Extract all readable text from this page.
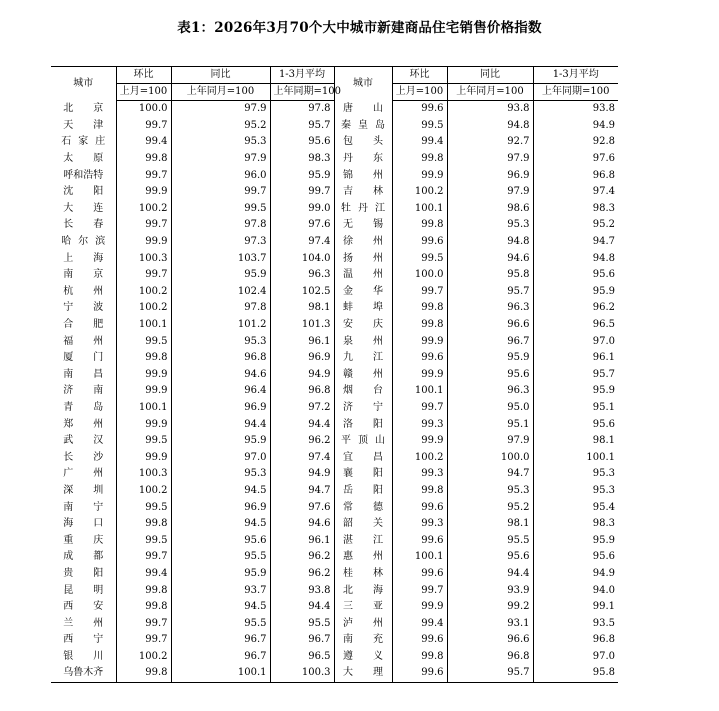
表1：2026年3月70个大中城市新建商品住宅销售价格指数
城市	环比	同比	1-3月平均	城市	环比	同比	1-3月平均
	上月=100	上年同月=100	上年同期=100		上月=100	上年同月=100	上年同期=100
北京	100.0	97.9	97.8	唐山	99.6	93.8	93.8
天津	99.7	95.2	95.7	秦皇岛	99.5	94.8	94.9
石家庄	99.4	95.3	95.6	包头	99.4	92.7	92.8
太原	99.8	97.9	98.3	丹东	99.8	97.9	97.6
呼和浩特	99.7	96.0	95.9	锦州	99.9	96.9	96.8
沈阳	99.9	99.7	99.7	吉林	100.2	97.9	97.4
大连	100.2	99.5	99.0	牡丹江	100.1	98.6	98.3
长春	99.7	97.8	97.6	无锡	99.8	95.3	95.2
哈尔滨	99.9	97.3	97.4	徐州	99.6	94.8	94.7
上海	100.3	103.7	104.0	扬州	99.5	94.6	94.8
南京	99.7	95.9	96.3	温州	100.0	95.8	95.6
杭州	100.2	102.4	102.5	金华	99.7	95.7	95.9
宁波	100.2	97.8	98.1	蚌埠	99.8	96.3	96.2
合肥	100.1	101.2	101.3	安庆	99.8	96.6	96.5
福州	99.5	95.3	96.1	泉州	99.9	96.7	97.0
厦门	99.8	96.8	96.9	九江	99.6	95.9	96.1
南昌	99.9	94.6	94.9	赣州	99.9	95.6	95.7
济南	99.9	96.4	96.8	烟台	100.1	96.3	95.9
青岛	100.1	96.9	97.2	济宁	99.7	95.0	95.1
郑州	99.9	94.4	94.4	洛阳	99.3	95.1	95.6
武汉	99.5	95.9	96.2	平顶山	99.9	97.9	98.1
长沙	99.9	97.0	97.4	宜昌	100.2	100.0	100.1
广州	100.3	95.3	94.9	襄阳	99.3	94.7	95.3
深圳	100.2	94.5	94.7	岳阳	99.8	95.3	95.3
南宁	99.5	96.9	97.6	常德	99.6	95.2	95.4
海口	99.8	94.5	94.6	韶关	99.3	98.1	98.3
重庆	99.5	95.6	96.1	湛江	99.6	95.5	95.9
成都	99.7	95.5	96.2	惠州	100.1	95.6	95.6
贵阳	99.4	95.9	96.2	桂林	99.6	94.4	94.9
昆明	99.8	93.7	93.8	北海	99.7	93.9	94.0
西安	99.8	94.5	94.4	三亚	99.9	99.2	99.1
兰州	99.7	95.5	95.5	泸州	99.4	93.1	93.5
西宁	99.7	96.7	96.7	南充	99.6	96.6	96.8
银川	100.2	96.7	96.5	遵义	99.8	96.8	97.0
乌鲁木齐	99.8	100.1	100.3	大理	99.6	95.7	95.8
